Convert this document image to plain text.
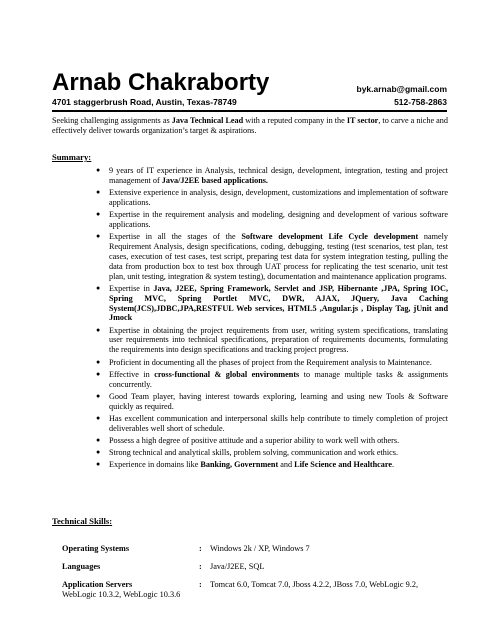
Arnab Chakraborty	byk.arnab@gmail.com
4701 staggerbrush Road, Austin, Texas-78749	512-758-2863
Seeking challenging assignments as Java Technical Lead with a reputed company in the IT sector, to carve a niche and effectively deliver towards organization’s target & aspirations.
Summary:
● 9 years of IT experience in Analysis, technical design, development, integration, testing and project management of Java/J2EE based applications.
● Extensive experience in analysis, design, development, customizations and implementation of software applications.
● Expertise in the requirement analysis and modeling, designing and development of various software applications.
● Expertise in all the stages of the Software development Life Cycle development namely Requirement Analysis, design specifications, coding, debugging, testing (test scenarios, test plan, test cases, execution of test cases, test script, preparing test data for system integration testing, pulling the data from production box to test box through UAT process for replicating the test scenario, unit test plan, unit testing, integration & system testing), documentation and maintenance application programs.
● Expertise in Java, J2EE, Spring Framework, Servlet and JSP, Hibernante ,JPA, Spring IOC, Spring MVC, Spring Portlet MVC, DWR, AJAX, JQuery, Java Caching System(JCS),JDBC,JPA,RESTFUL Web services, HTML5 ,Angular.js , Display Tag, jUnit and Jmock
● Expertise in obtaining the project requirements from user, writing system specifications, translating user requirements into technical specifications, preparation of requirements documents, formulating the requirements into design specifications and tracking project progress.
● Proficient in documenting all the phases of project from the Requirement analysis to Maintenance.
● Effective in cross-functional & global environments to manage multiple tasks & assignments concurrently.
● Good Team player, having interest towards exploring, learning and using new Tools & Software quickly as required.
● Has excellent communication and interpersonal skills help contribute to timely completion of project deliverables well short of schedule.
● Possess a high degree of positive attitude and a superior ability to work well with others.
● Strong technical and analytical skills, problem solving, communication and work ethics.
● Experience in domains like Banking, Government and Life Science and Healthcare.
Technical Skills:
Operating Systems	: Windows 2k / XP, Windows 7
Languages	: Java/J2EE, SQL
Application Servers	: Tomcat 6.0, Tomcat 7.0, Jboss 4.2.2, JBoss 7.0, WebLogic 9.2,
WebLogic 10.3.2, WebLogic 10.3.6
